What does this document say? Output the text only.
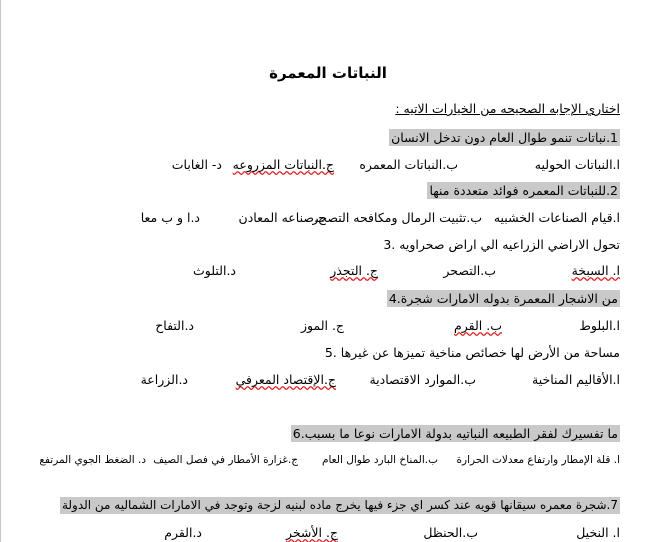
النباتات المعمرة
اختاري الإجابه الصحيحه من الخيارات الاتيه :
1.نباتات تنمو طوال العام دون تدخل الانسان
ا.النباتات الحوليه
ب.النباتات المعمره
ج.النباتات المزروعه
د- الغابات
2.للنباتات المعمره فوائد متعددة منها
ا.قيام الصناعات الخشبيه
ب.تثبيت الرمال ومكافحه التصحر
ج.صناعه المعادن
د.ا و ب معا
تحول الاراضي الزراعيه الي اراض صحراويه .3
ا. السبخة
ب.التصحر
ج. التجذر
د.التلوث
من الاشجار المعمرة بدوله الامارات شجرة.4
ا.البلوط
ب. القرم
ج. الموز
د.التفاح
مساحة من الأرض لها خصائص مناخية تميزها عن غيرها .5
ا.الأقاليم المناخية
ب.الموارد الاقتصادية
ج.الإقتصاد المعرفي
د.الزراعة
ما تفسيرك لفقر الطبيعه النباتيه بدولة الامارات نوعا ما بسبب.6
ا. قلة الإمطار وارتفاع معدلات الحرارة
ب.المناخ البارد طوال العام
ج.غزارة الأمطار في فصل الصيف
د. الضغط الجوي المرتفع
7.شجرة معمره سيقانها قويه عند كسر اي جزء فيها يخرج ماده لبنيه لزجة وتوجد في الامارات الشماليه من الدولة
ا. النخيل
ب.الحنظل
ج. الأشخر
د.القرم
